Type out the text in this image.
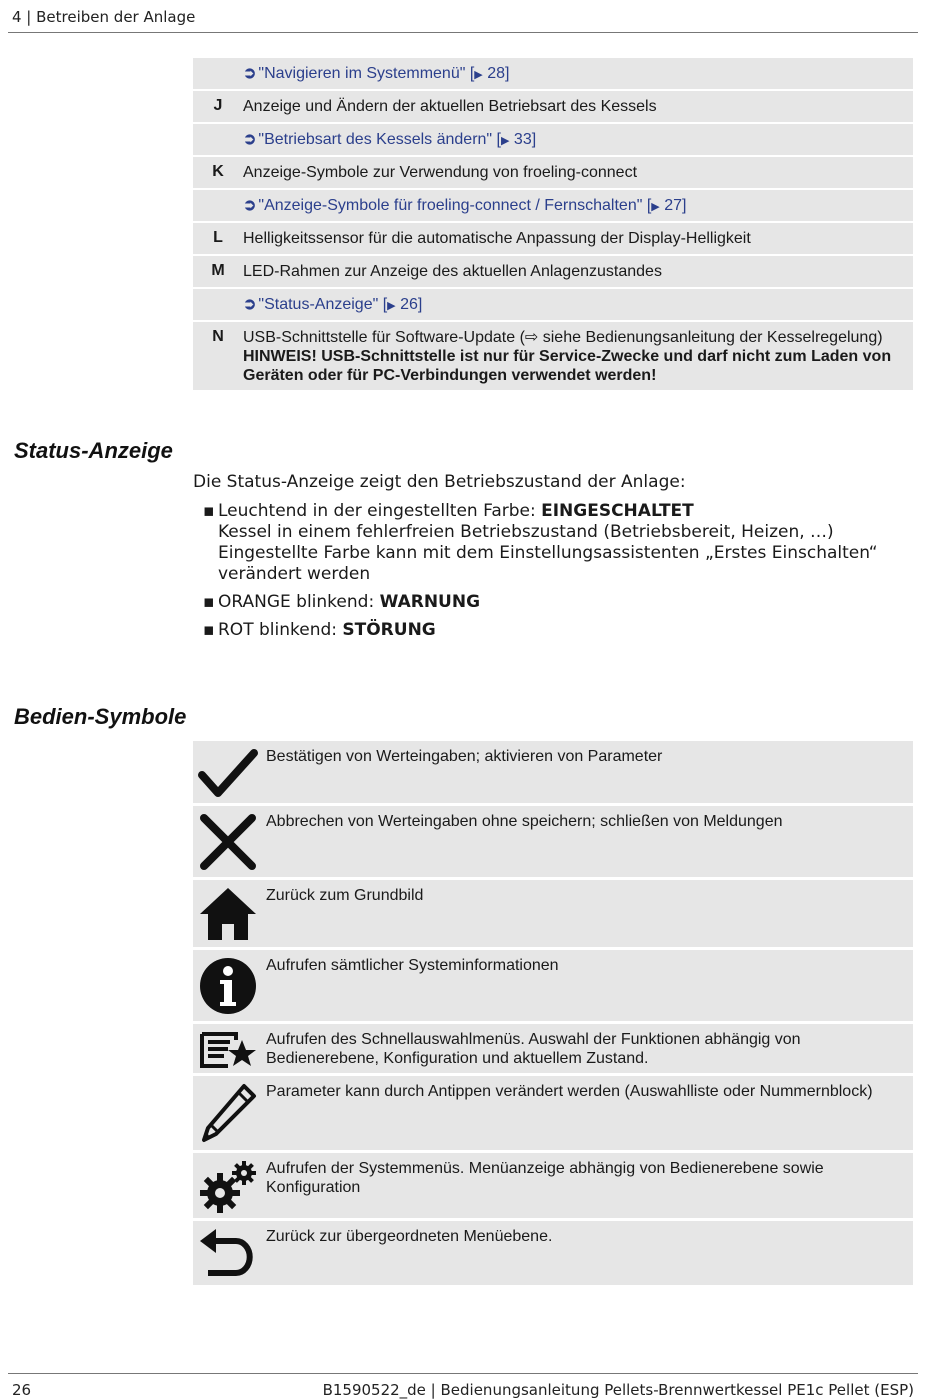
4 | Betreiben der Anlage
➲ "Navigieren im Systemmenü" [▶ 28]
J	Anzeige und Ändern der aktuellen Betriebsart des Kessels
➲ "Betriebsart des Kessels ändern" [▶ 33]
K	Anzeige-Symbole zur Verwendung von froeling-connect
➲ "Anzeige-Symbole für froeling-connect / Fernschalten" [▶ 27]
L	Helligkeitssensor für die automatische Anpassung der Display-Helligkeit
M	LED-Rahmen zur Anzeige des aktuellen Anlagenzustandes
➲ "Status-Anzeige" [▶ 26]
N	USB-Schnittstelle für Software-Update (⇨ siehe Bedienungsanleitung der Kesselregelung)
HINWEIS! USB-Schnittstelle ist nur für Service-Zwecke und darf nicht zum Laden von Geräten oder für PC-Verbindungen verwendet werden!
Status-Anzeige
Die Status-Anzeige zeigt den Betriebszustand der Anlage:
▪ Leuchtend in der eingestellten Farbe: EINGESCHALTET
Kessel in einem fehlerfreien Betriebszustand (Betriebsbereit, Heizen, …)
Eingestellte Farbe kann mit dem Einstellungsassistenten „Erstes Einschalten“ verändert werden
▪ ORANGE blinkend: WARNUNG
▪ ROT blinkend: STÖRUNG
Bedien-Symbole
Bestätigen von Werteingaben; aktivieren von Parameter
Abbrechen von Werteingaben ohne speichern; schließen von Meldungen
Zurück zum Grundbild
Aufrufen sämtlicher Systeminformationen
Aufrufen des Schnellauswahlmenüs. Auswahl der Funktionen abhängig von Bedienerebene, Konfiguration und aktuellem Zustand.
Parameter kann durch Antippen verändert werden (Auswahlliste oder Nummernblock)
Aufrufen der Systemmenüs. Menüanzeige abhängig von Bedienerebene sowie Konfiguration
Zurück zur übergeordneten Menüebene.
26	B1590522_de | Bedienungsanleitung Pellets-Brennwertkessel PE1c Pellet (ESP)
